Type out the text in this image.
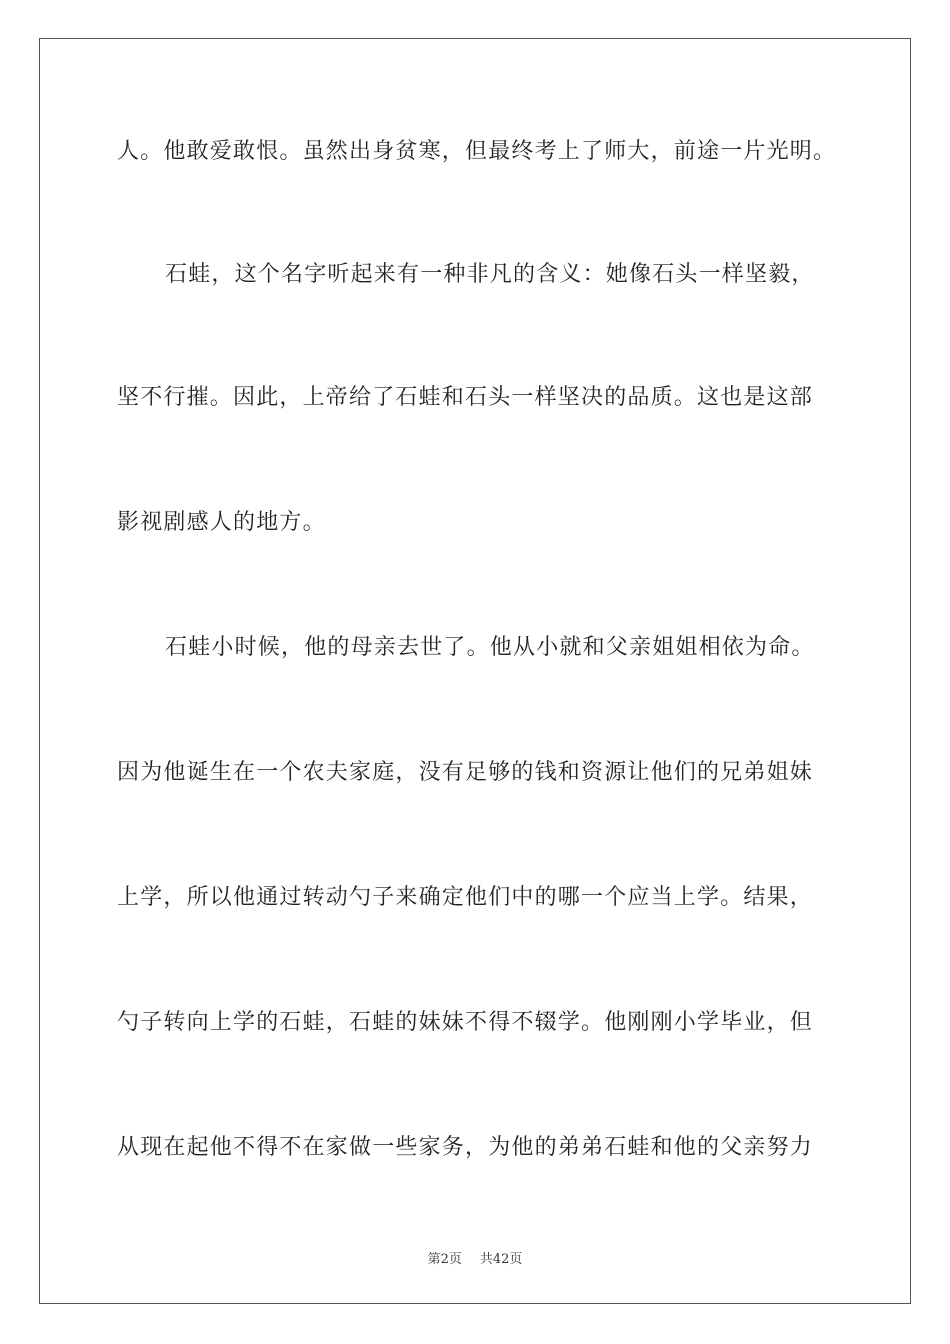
人。他敢爱敢恨。虽然出身贫寒，但最终考上了师大，前途一片光明。
石蛙，这个名字听起来有一种非凡的含义：她像石头一样坚毅，
坚不行摧。因此，上帝给了石蛙和石头一样坚决的品质。这也是这部
影视剧感人的地方。
石蛙小时候，他的母亲去世了。他从小就和父亲姐姐相依为命。
因为他诞生在一个农夫家庭，没有足够的钱和资源让他们的兄弟姐妹
上学，所以他通过转动勺子来确定他们中的哪一个应当上学。结果，
勺子转向上学的石蛙，石蛙的妹妹不得不辍学。他刚刚小学毕业，但
从现在起他不得不在家做一些家务，为他的弟弟石蛙和他的父亲努力
第2页 共42页
